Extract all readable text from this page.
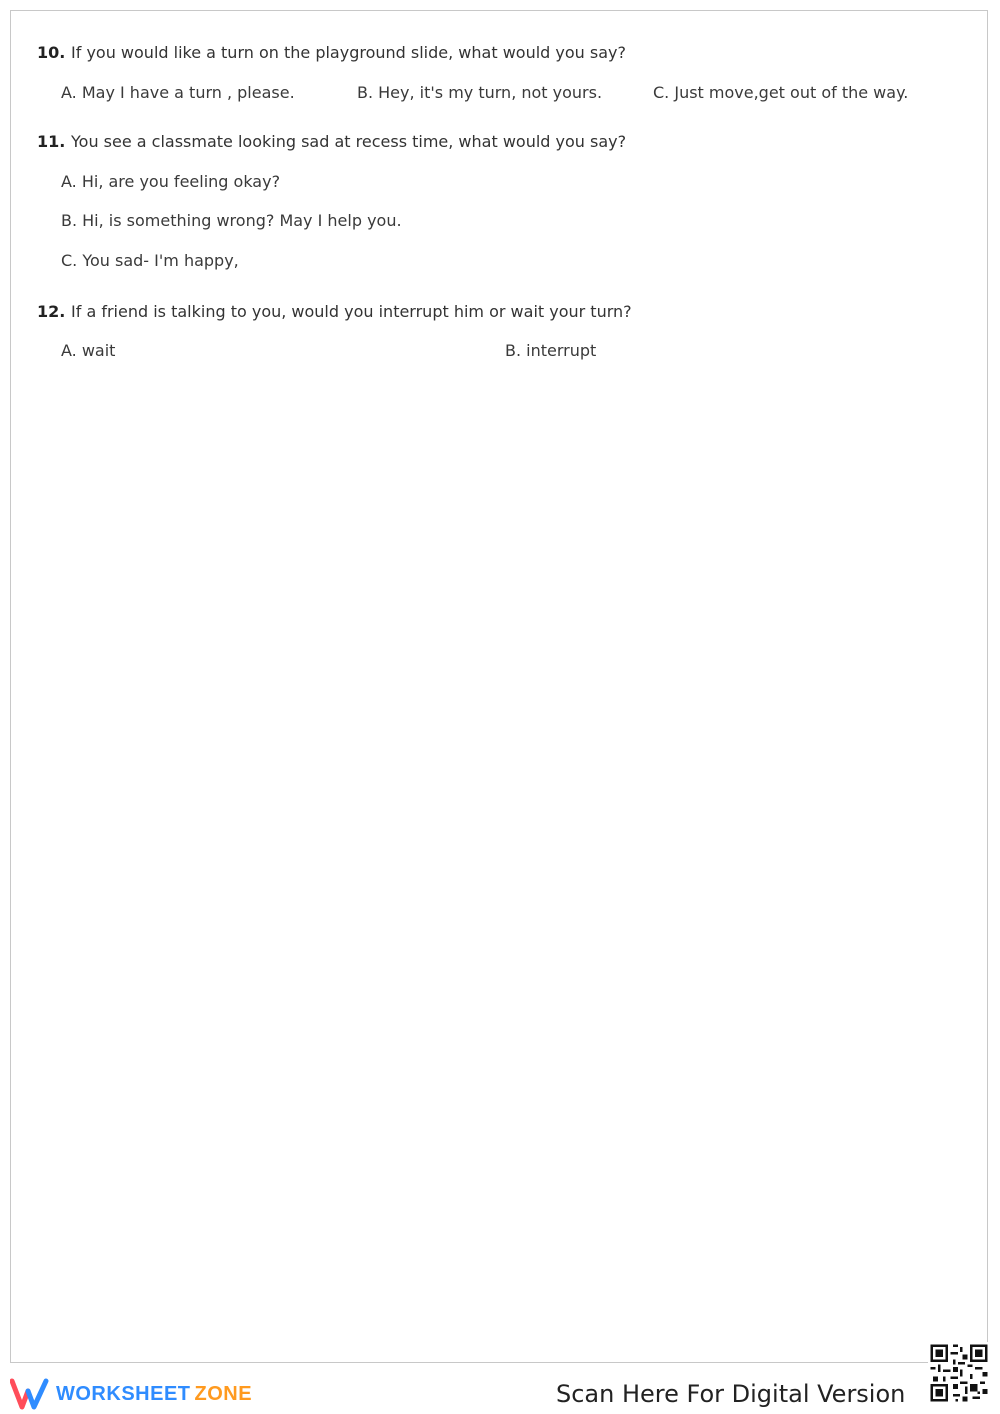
10. If you would like a turn on the playground slide, what would you say?
A. May I have a turn , please.	B. Hey, it's my turn, not yours.	C. Just move,get out of the way.
11. You see a classmate looking sad at recess time, what would you say?
A. Hi, are you feeling okay?
B. Hi, is something wrong? May I help you.
C. You sad- I'm happy,
12. If a friend is talking to you, would you interrupt him or wait your turn?
A. wait	B. interrupt
WORKSHEET ZONE	Scan Here For Digital Version
